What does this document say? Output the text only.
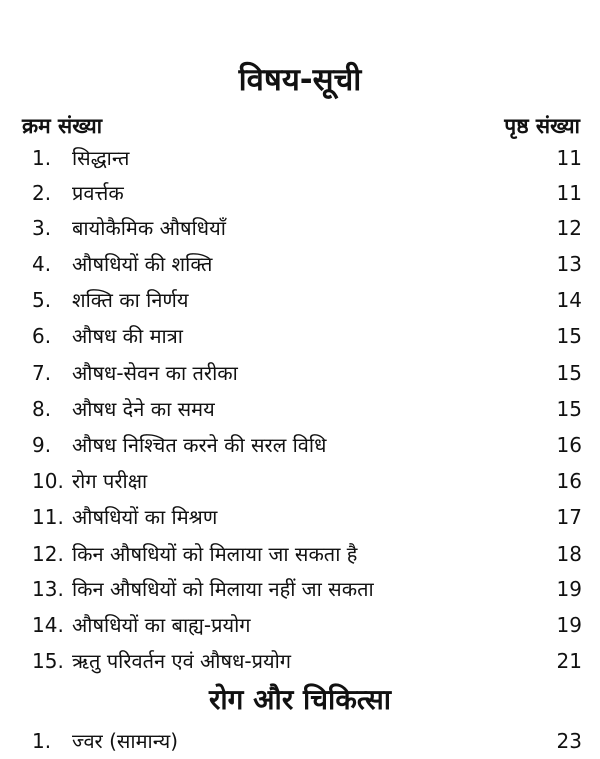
विषय-सूची
क्रम संख्या	पृष्ठ संख्या
1.	सिद्धान्त	11
2.	प्रवर्त्तक	11
3.	बायोकैमिक औषधियाँ	12
4.	औषधियों की शक्ति	13
5.	शक्ति का निर्णय	14
6.	औषध की मात्रा	15
7.	औषध-सेवन का तरीका	15
8.	औषध देने का समय	15
9.	औषध निश्चित करने की सरल विधि	16
10. रोग परीक्षा	16
11. औषधियों का मिश्रण	17
12. किन औषधियों को मिलाया जा सकता है	18
13. किन औषधियों को मिलाया नहीं जा सकता	19
14. औषधियों का बाह्य-प्रयोग	19
15. ऋतु परिवर्तन एवं औषध-प्रयोग	21
रोग और चिकित्सा
1.	ज्वर (सामान्य)	23
